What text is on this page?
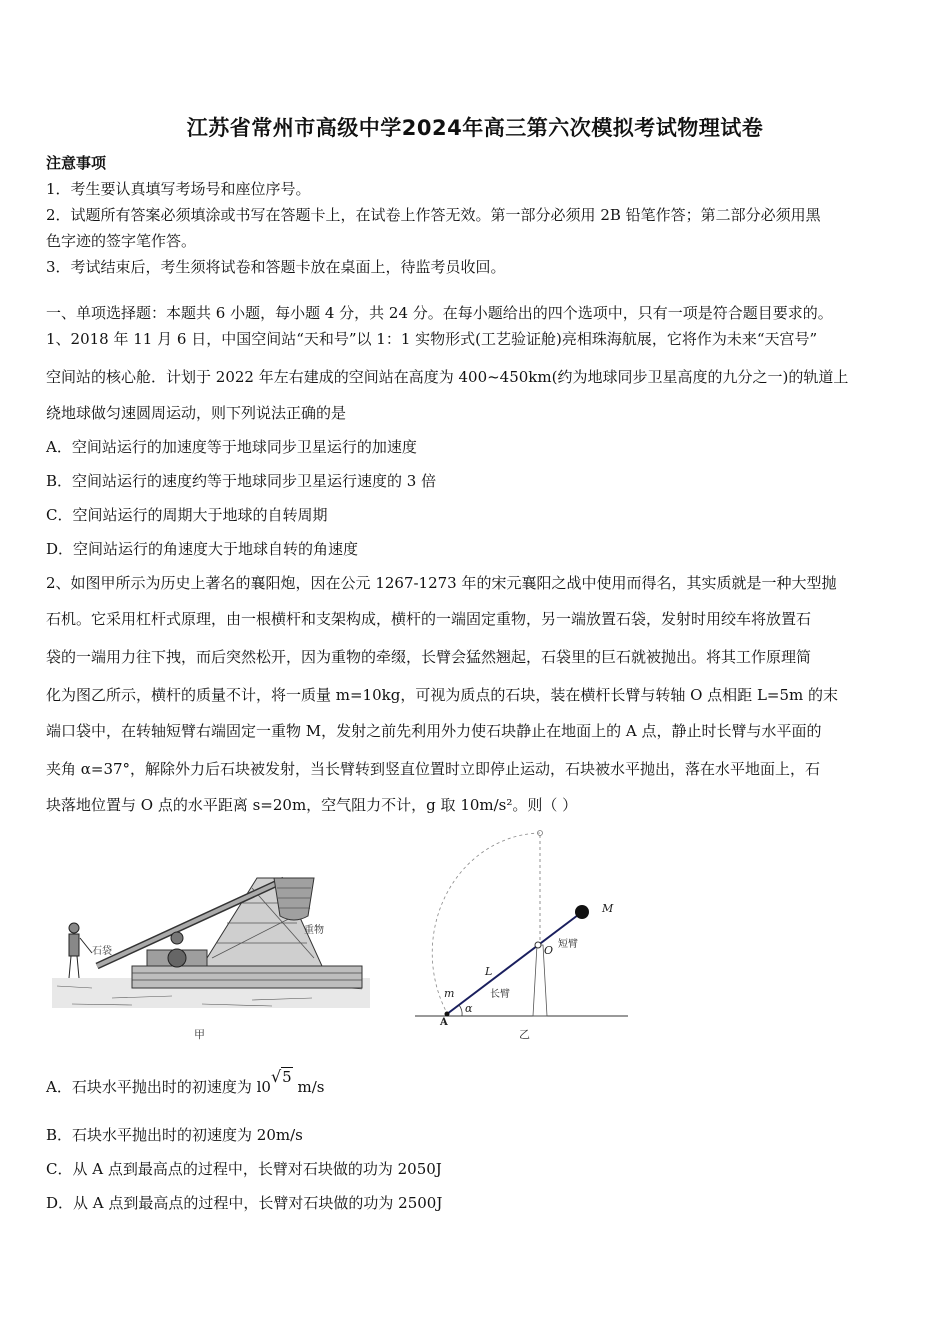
江苏省常州市高级中学2024年高三第六次模拟考试物理试卷
注意事项
1．考生要认真填写考场号和座位序号。
2．试题所有答案必须填涂或书写在答题卡上，在试卷上作答无效。第一部分必须用 2B 铅笔作答；第二部分必须用黑
色字迹的签字笔作答。
3．考试结束后，考生须将试卷和答题卡放在桌面上，待监考员收回。
一、单项选择题：本题共 6 小题，每小题 4 分，共 24 分。在每小题给出的四个选项中，只有一项是符合题目要求的。
1、2018 年 11 月 6 日，中国空间站“天和号”以 1：1 实物形式(工艺验证舱)亮相珠海航展，它将作为未来“天宫号”
空间站的核心舱．计划于 2022 年左右建成的空间站在高度为 400~450km(约为地球同步卫星高度的九分之一)的轨道上
绕地球做匀速圆周运动，则下列说法正确的是
A．空间站运行的加速度等于地球同步卫星运行的加速度
B．空间站运行的速度约等于地球同步卫星运行速度的 3 倍
C．空间站运行的周期大于地球的自转周期
D．空间站运行的角速度大于地球自转的角速度
2、如图甲所示为历史上著名的襄阳炮，因在公元 1267-1273 年的宋元襄阳之战中使用而得名，其实质就是一种大型抛
石机。它采用杠杆式原理，由一根横杆和支架构成，横杆的一端固定重物，另一端放置石袋，发射时用绞车将放置石
袋的一端用力往下拽，而后突然松开，因为重物的牵缀，长臂会猛然翘起，石袋里的巨石就被抛出。将其工作原理简
化为图乙所示，横杆的质量不计，将一质量 m=10kg，可视为质点的石块，装在横杆长臂与转轴 O 点相距 L=5m 的末
端口袋中，在转轴短臂右端固定一重物 M，发射之前先利用外力使石块静止在地面上的 A 点，静止时长臂与水平面的
夹角 α=37°，解除外力后石块被发射，当长臂转到竖直位置时立即停止运动，石块被水平抛出，落在水平地面上，石
块落地位置与 O 点的水平距离 s=20m，空气阻力不计，g 取 10m/s²。则（ ）
石袋
重物
甲
M
O 短臂
L
长臂
m
α
A
乙
A．石块水平抛出时的初速度为 l0√5 m/s
B．石块水平抛出时的初速度为 20m/s
C．从 A 点到最高点的过程中，长臂对石块做的功为 2050J
D．从 A 点到最高点的过程中，长臂对石块做的功为 2500J
